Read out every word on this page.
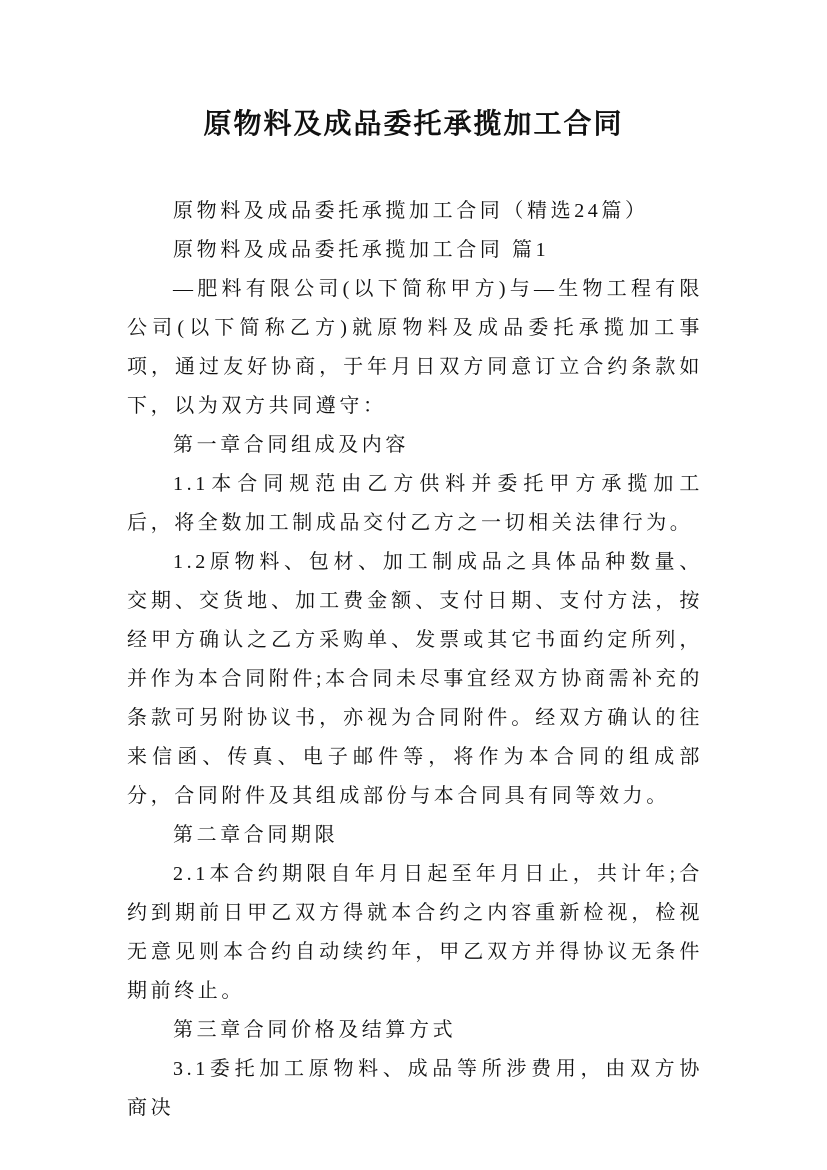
原物料及成品委托承揽加工合同

原物料及成品委托承揽加工合同（精选24篇）

原物料及成品委托承揽加工合同 篇1

—肥料有限公司(以下简称甲方)与—生物工程有限公司(以下简称乙方)就原物料及成品委托承揽加工事项，通过友好协商，于年月日双方同意订立合约条款如下，以为双方共同遵守：

第一章合同组成及内容

1.1本合同规范由乙方供料并委托甲方承揽加工后，将全数加工制成品交付乙方之一切相关法律行为。

1.2原物料、包材、加工制成品之具体品种数量、交期、交货地、加工费金额、支付日期、支付方法，按经甲方确认之乙方采购单、发票或其它书面约定所列，并作为本合同附件;本合同未尽事宜经双方协商需补充的条款可另附协议书，亦视为合同附件。经双方确认的往来信函、传真、电子邮件等，将作为本合同的组成部分，合同附件及其组成部份与本合同具有同等效力。

第二章合同期限

2.1本合约期限自年月日起至年月日止，共计年;合约到期前日甲乙双方得就本合约之内容重新检视，检视无意见则本合约自动续约年，甲乙双方并得协议无条件期前终止。

第三章合同价格及结算方式

3.1委托加工原物料、成品等所涉费用，由双方协商决
